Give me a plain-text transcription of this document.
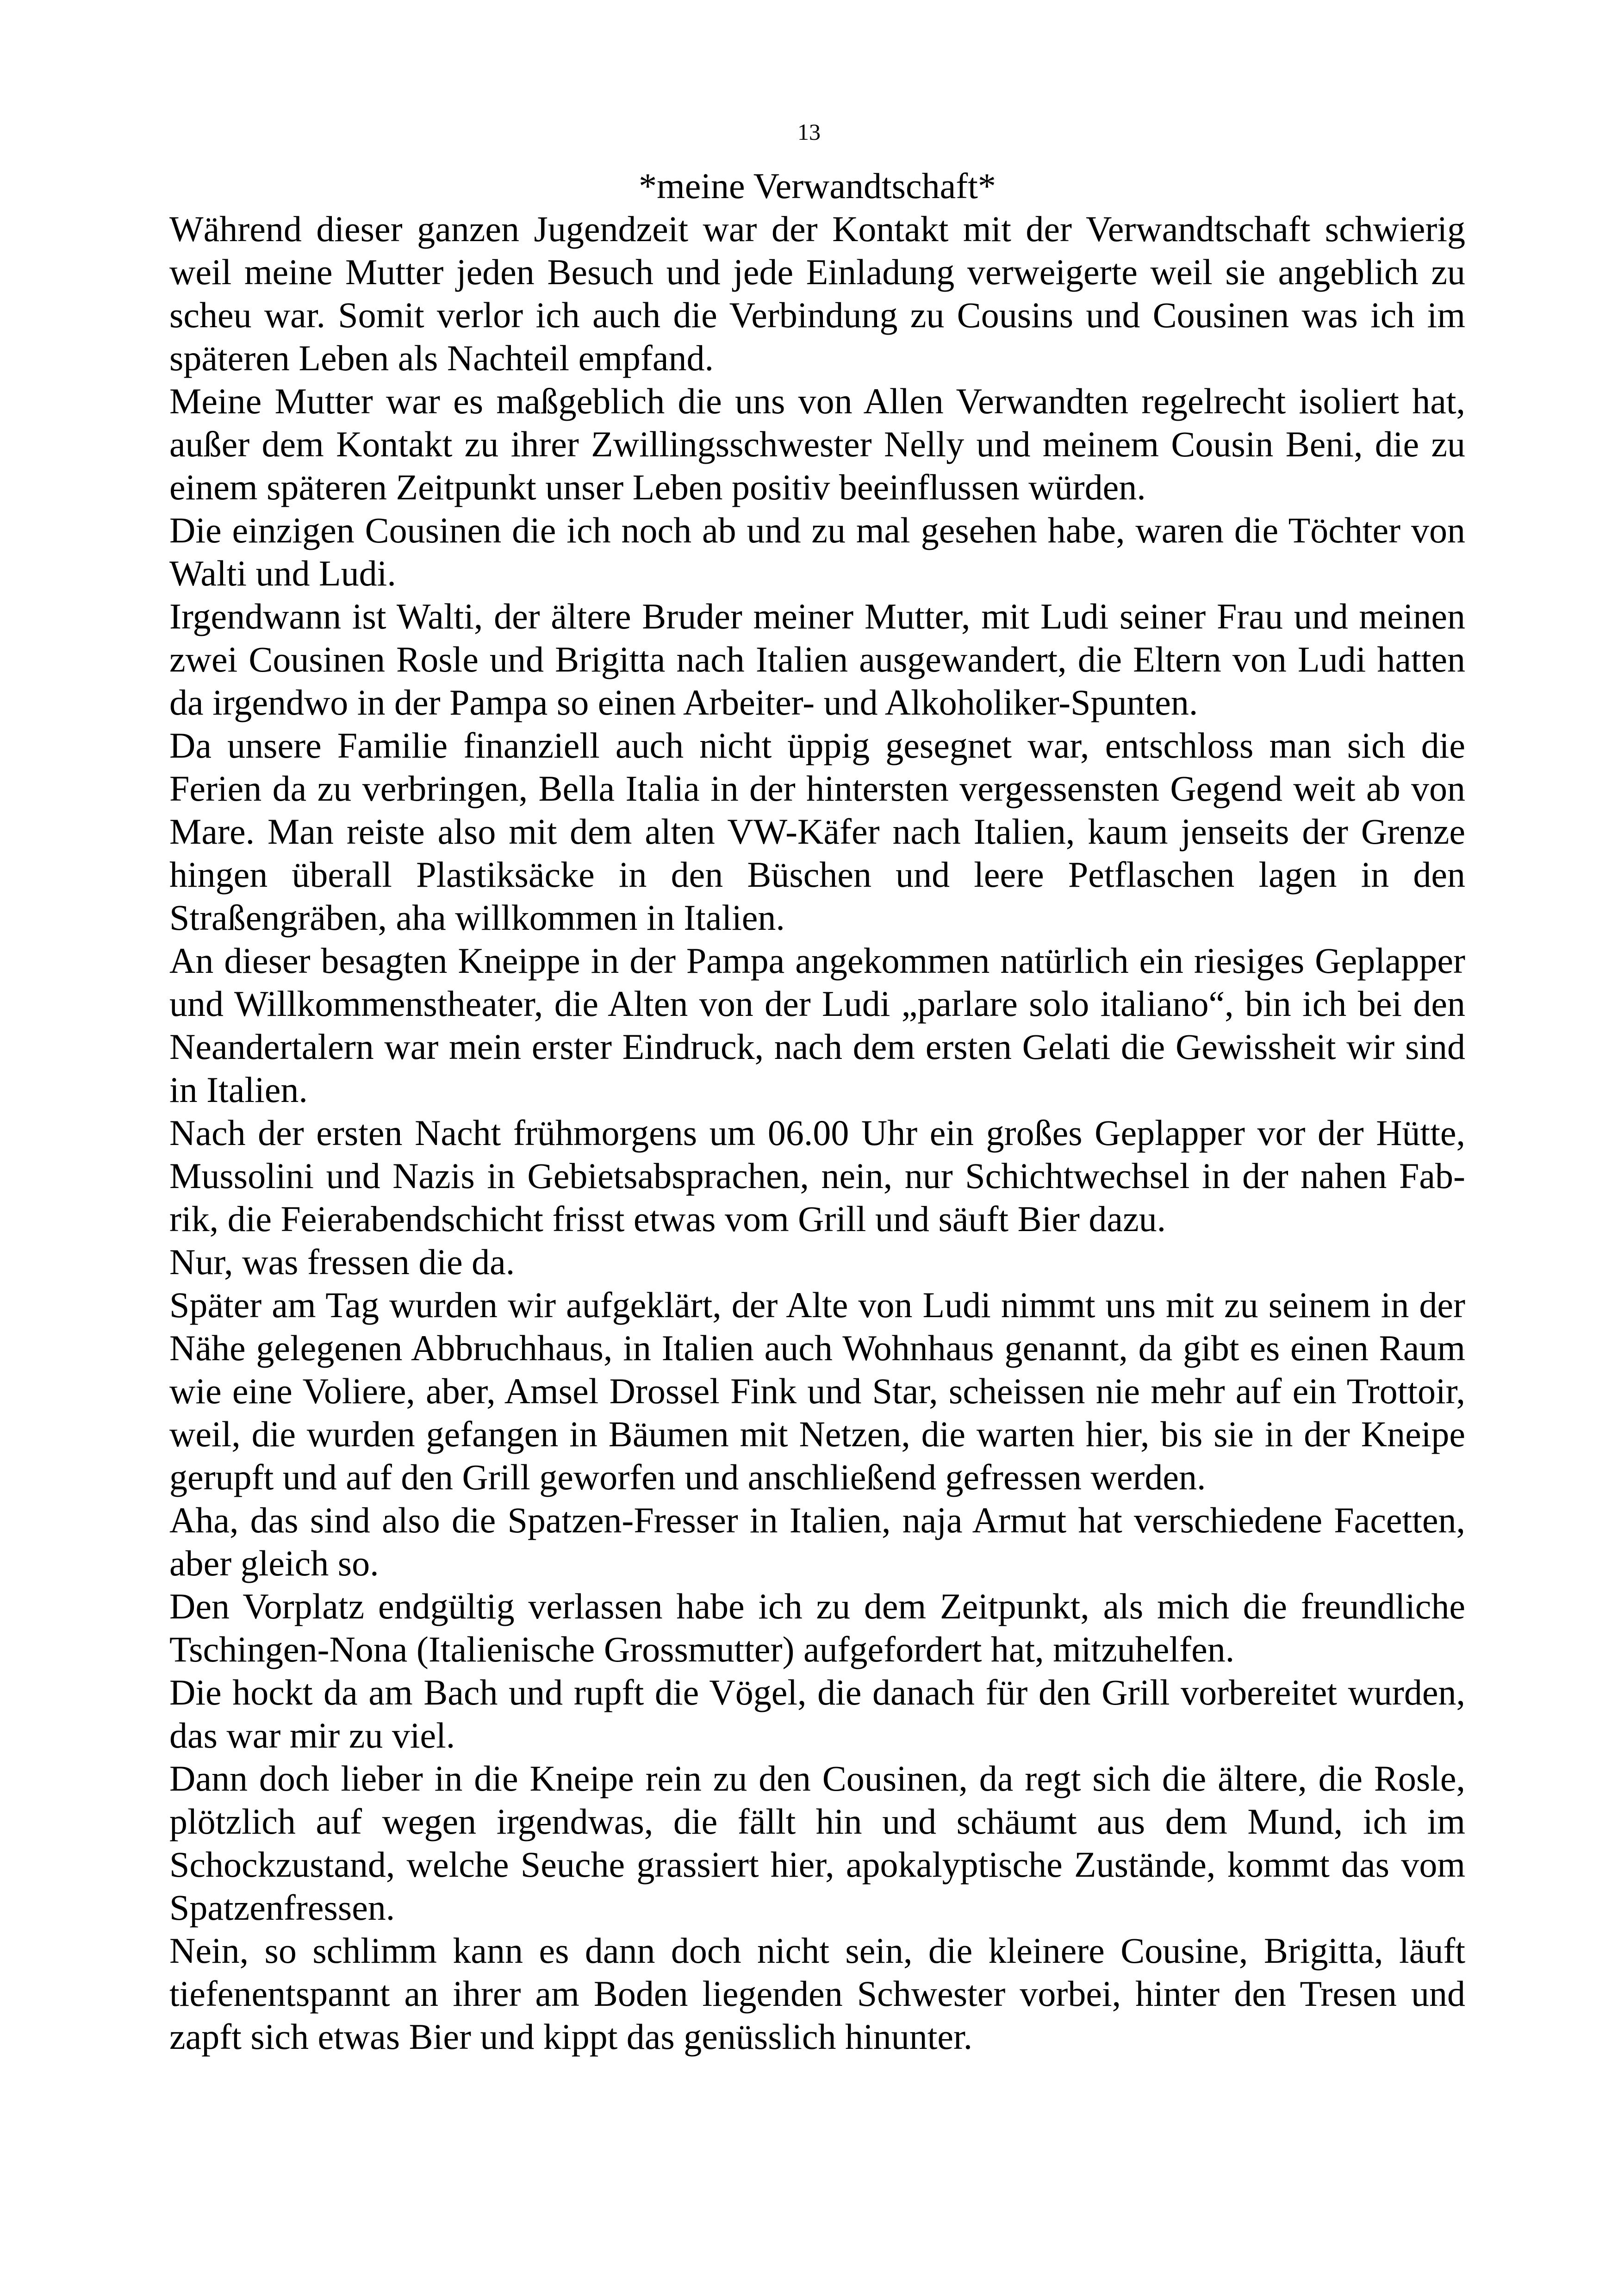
13

*meine Verwandtschaft*

Während dieser ganzen Jugendzeit war der Kontakt mit der Verwandtschaft schwierig weil meine Mutter jeden Besuch und jede Einladung verweigerte weil sie angeblich zu scheu war. Somit verlor ich auch die Verbindung zu Cousins und Cousinen was ich im späteren Leben als Nachteil empfand.

Meine Mutter war es maßgeblich die uns von Allen Verwandten regelrecht isoliert hat, außer dem Kontakt zu ihrer Zwillingsschwester Nelly und meinem Cousin Beni, die zu einem späteren Zeitpunkt unser Leben positiv beeinflussen würden.

Die einzigen Cousinen die ich noch ab und zu mal gesehen habe, waren die Töchter von Walti und Ludi.

Irgendwann ist Walti, der ältere Bruder meiner Mutter, mit Ludi seiner Frau und meinen zwei Cousinen Rosle und Brigitta nach Italien ausgewandert, die Eltern von Ludi hatten da irgendwo in der Pampa so einen Arbeiter- und Alkoholiker-Spunten.

Da unsere Familie finanziell auch nicht üppig gesegnet war, entschloss man sich die Ferien da zu verbringen, Bella Italia in der hintersten vergessensten Gegend weit ab von Mare. Man reiste also mit dem alten VW-Käfer nach Italien, kaum jenseits der Grenze hingen überall Plastiksäcke in den Büschen und leere Petflaschen lagen in den Straßengräben, aha willkommen in Italien.

An dieser besagten Kneippe in der Pampa angekommen natürlich ein riesiges Geplapper und Willkommenstheater, die Alten von der Ludi „parlare solo italiano“, bin ich bei den Neandertalern war mein erster Eindruck, nach dem ersten Gelati die Gewissheit wir sind in Italien.

Nach der ersten Nacht frühmorgens um 06.00 Uhr ein großes Geplapper vor der Hütte, Mussolini und Nazis in Gebietsabsprachen, nein, nur Schichtwechsel in der nahen Fabrik, die Feierabendschicht frisst etwas vom Grill und säuft Bier dazu.

Nur, was fressen die da.

Später am Tag wurden wir aufgeklärt, der Alte von Ludi nimmt uns mit zu seinem in der Nähe gelegenen Abbruchhaus, in Italien auch Wohnhaus genannt, da gibt es einen Raum wie eine Voliere, aber, Amsel Drossel Fink und Star, scheissen nie mehr auf ein Trottoir, weil, die wurden gefangen in Bäumen mit Netzen, die warten hier, bis sie in der Kneipe gerupft und auf den Grill geworfen und anschließend gefressen werden.

Aha, das sind also die Spatzen-Fresser in Italien, naja Armut hat verschiedene Facetten, aber gleich so.

Den Vorplatz endgültig verlassen habe ich zu dem Zeitpunkt, als mich die freundliche Tschingen-Nona (Italienische Grossmutter) aufgefordert hat, mitzuhelfen.

Die hockt da am Bach und rupft die Vögel, die danach für den Grill vorbereitet wurden, das war mir zu viel.

Dann doch lieber in die Kneipe rein zu den Cousinen, da regt sich die ältere, die Rosle, plötzlich auf wegen irgendwas, die fällt hin und schäumt aus dem Mund, ich im Schockzustand, welche Seuche grassiert hier, apokalyptische Zustände, kommt das vom Spatzenfressen.

Nein, so schlimm kann es dann doch nicht sein, die kleinere Cousine, Brigitta, läuft tiefenentspannt an ihrer am Boden liegenden Schwester vorbei, hinter den Tresen und zapft sich etwas Bier und kippt das genüsslich hinunter.
